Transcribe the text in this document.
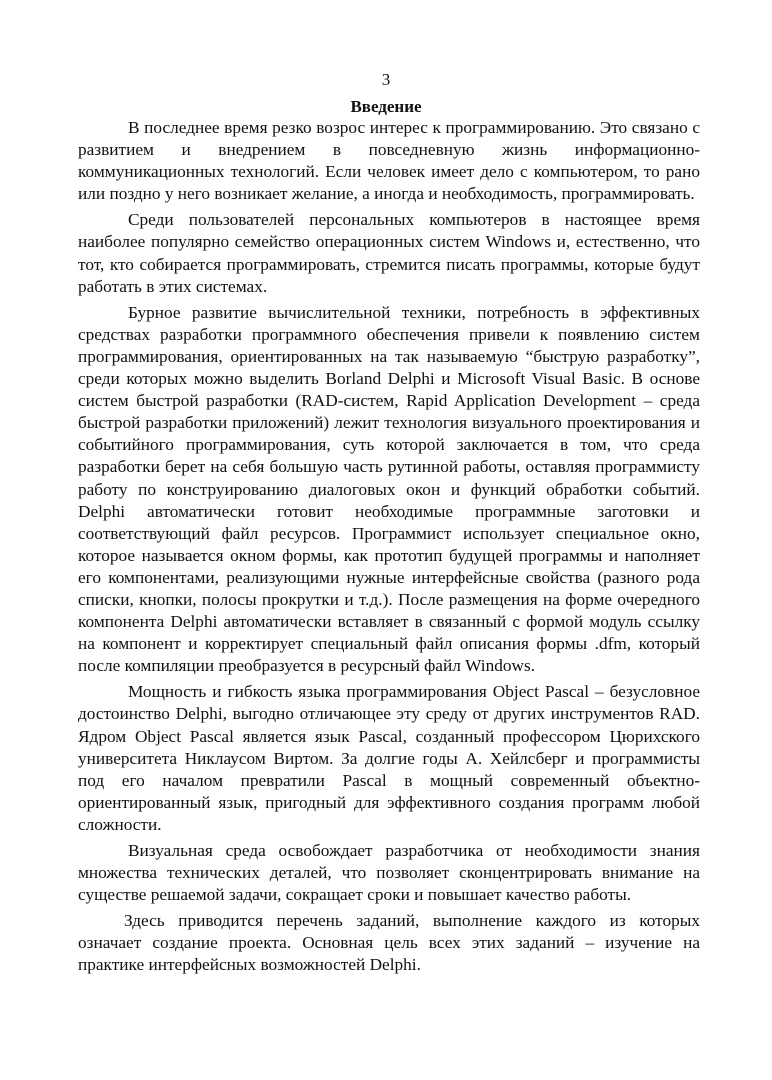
3
Введение

В последнее время резко возрос интерес к программированию. Это связано с развитием и внедрением в повседневную жизнь информационно-коммуникационных технологий. Если человек имеет дело с компьютером, то рано или поздно у него возникает желание, а иногда и необходимость, программировать.

Среди пользователей персональных компьютеров в настоящее время наиболее популярно семейство операционных систем Windows и, естественно, что тот, кто собирается программировать, стремится писать программы, которые будут работать в этих системах.

Бурное развитие вычислительной техники, потребность в эффективных средствах разработки программного обеспечения привели к появлению систем программирования, ориентированных на так называемую “быструю разработку”, среди которых можно выделить Borland Delphi и Microsoft Visual Basic. В основе систем быстрой разработки (RAD-систем, Rapid Application Development – среда быстрой разработки приложений) лежит технология визуального проектирования и событийного программирования, суть которой заключается в том, что среда разработки берет на себя большую часть рутинной работы, оставляя программисту работу по конструированию диалоговых окон и функций обработки событий. Delphi автоматически готовит необходимые программные заготовки и соответствующий файл ресурсов. Программист использует специальное окно, которое называется окном формы, как прототип будущей программы и наполняет его компонентами, реализующими нужные интерфейсные свойства (разного рода списки, кнопки, полосы прокрутки и т.д.). После размещения на форме очередного компонента Delphi автоматически вставляет в связанный с формой модуль ссылку на компонент и корректирует специальный файл описания формы .dfm, который после компиляции преобразуется в ресурсный файл Windows.

Мощность и гибкость языка программирования Object Pascal – безусловное достоинство Delphi, выгодно отличающее эту среду от других инструментов RAD. Ядром Object Pascal является язык Pascal, созданный профессором Цюрихского университета Никлаусом Виртом. За долгие годы А. Хейлсберг и программисты под его началом превратили Pascal в мощный современный объектно-ориентированный язык, пригодный для эффективного создания программ любой сложности.

Визуальная среда освобождает разработчика от необходимости знания множества технических деталей, что позволяет сконцентрировать внимание на существе решаемой задачи, сокращает сроки и повышает качество работы.

Здесь приводится перечень заданий, выполнение каждого из которых означает создание проекта. Основная цель всех этих заданий – изучение на практике интерфейсных возможностей Delphi.
